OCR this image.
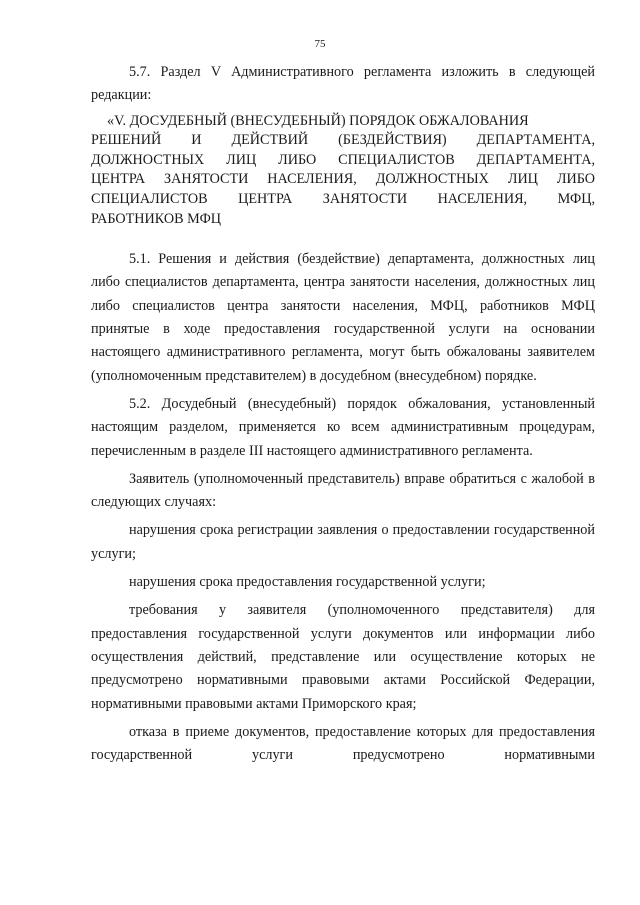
75

5.7. Раздел V Административного регламента изложить в следующей

редакции:

«V. ДОСУДЕБНЫЙ (ВНЕСУДЕБНЫЙ) ПОРЯДОК ОБЖАЛОВАНИЯ
РЕШЕНИЙ И ДЕЙСТВИЙ (БЕЗДЕЙСТВИЯ) ДЕПАРТАМЕНТА,
ДОЛЖНОСТНЫХ ЛИЦ ЛИБО СПЕЦИАЛИСТОВ ДЕПАРТАМЕНТА,
ЦЕНТРА ЗАНЯТОСТИ НАСЕЛЕНИЯ, ДОЛЖНОСТНЫХ ЛИЦ ЛИБО
СПЕЦИАЛИСТОВ ЦЕНТРА ЗАНЯТОСТИ НАСЕЛЕНИЯ, МФЦ,
РАБОТНИКОВ МФЦ

5.1. Решения и действия (бездействие) департамента, должностных лиц либо специалистов департамента, центра занятости населения, должностных лиц либо специалистов центра занятости населения, МФЦ, работников МФЦ принятые в ходе предоставления государственной услуги на основании настоящего административного регламента, могут быть обжалованы заявителем (уполномоченным представителем) в досудебном (внесудебном) порядке.

5.2. Досудебный (внесудебный) порядок обжалования, установленный настоящим разделом, применяется ко всем административным процедурам, перечисленным в разделе III настоящего административного регламента.

Заявитель (уполномоченный представитель) вправе обратиться с жалобой в следующих случаях:

нарушения срока регистрации заявления о предоставлении государственной услуги;

нарушения срока предоставления государственной услуги;

требования у заявителя (уполномоченного представителя) для предоставления государственной услуги документов или информации либо осуществления действий, представление или осуществление которых не предусмотрено нормативными правовыми актами Российской Федерации, нормативными правовыми актами Приморского края;

отказа в приеме документов, предоставление которых для предоставления государственной услуги предусмотрено нормативными
